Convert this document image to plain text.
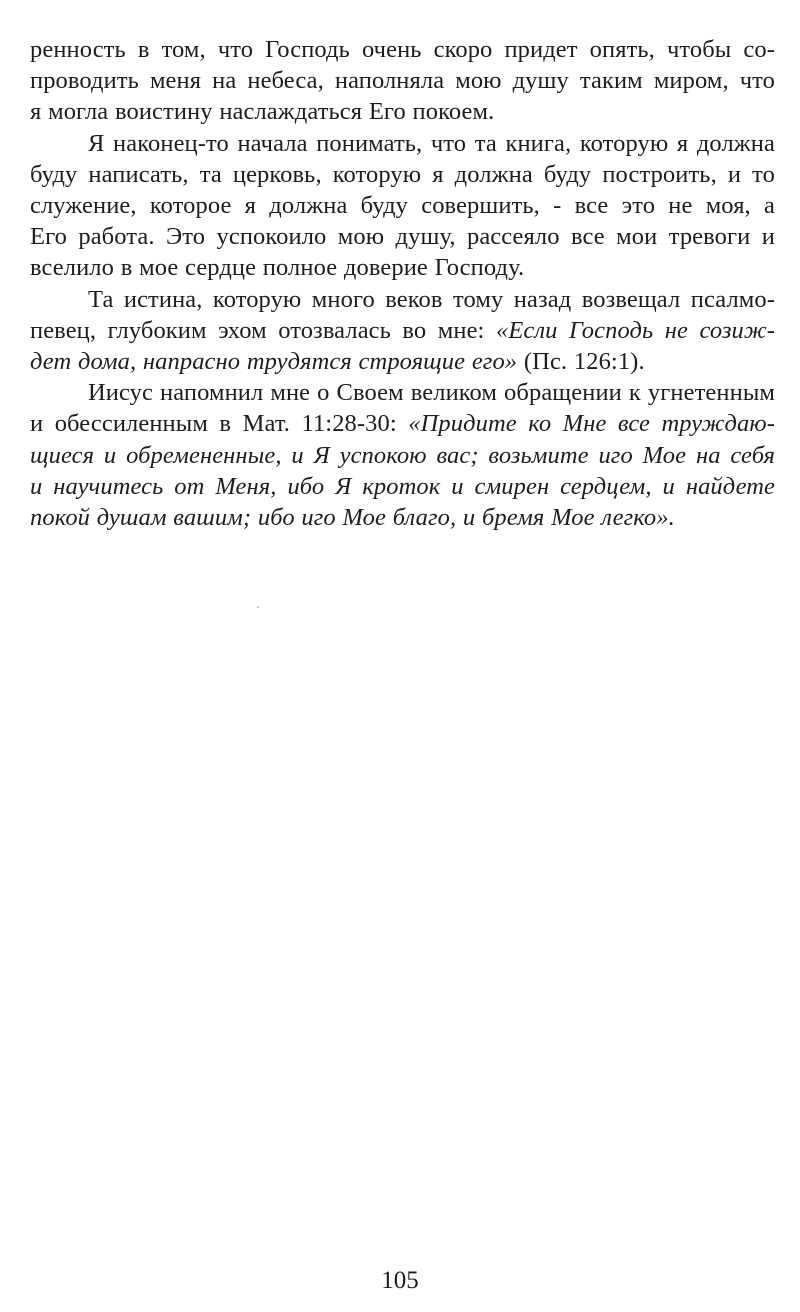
ренность в том, что Господь очень скоро придет опять, чтобы со-
проводить меня на небеса, наполняла мою душу таким миром, что
я могла воистину наслаждаться Его покоем.

Я наконец-то начала понимать, что та книга, которую я должна
буду написать, та церковь, которую я должна буду построить, и то
служение, которое я должна буду совершить, - все это не моя, а
Его работа. Это успокоило мою душу, рассеяло все мои тревоги и
вселило в мое сердце полное доверие Господу.

Та истина, которую много веков тому назад возвещал псалмо-
певец, глубоким эхом отозвалась во мне: «Если Господь не созиж-
дет дома, напрасно трудятся строящие его» (Пс. 126:1).

Иисус напомнил мне о Своем великом обращении к угнетенным
и обессиленным в Мат. 11:28-30: «Придите ко Мне все труждаю-
щиеся и обремененные, и Я успокою вас; возьмите иго Мое на себя
и научитесь от Меня, ибо Я кроток и смирен сердцем, и найдете
покой душам вашим; ибо иго Мое благо, и бремя Мое легко».

105
